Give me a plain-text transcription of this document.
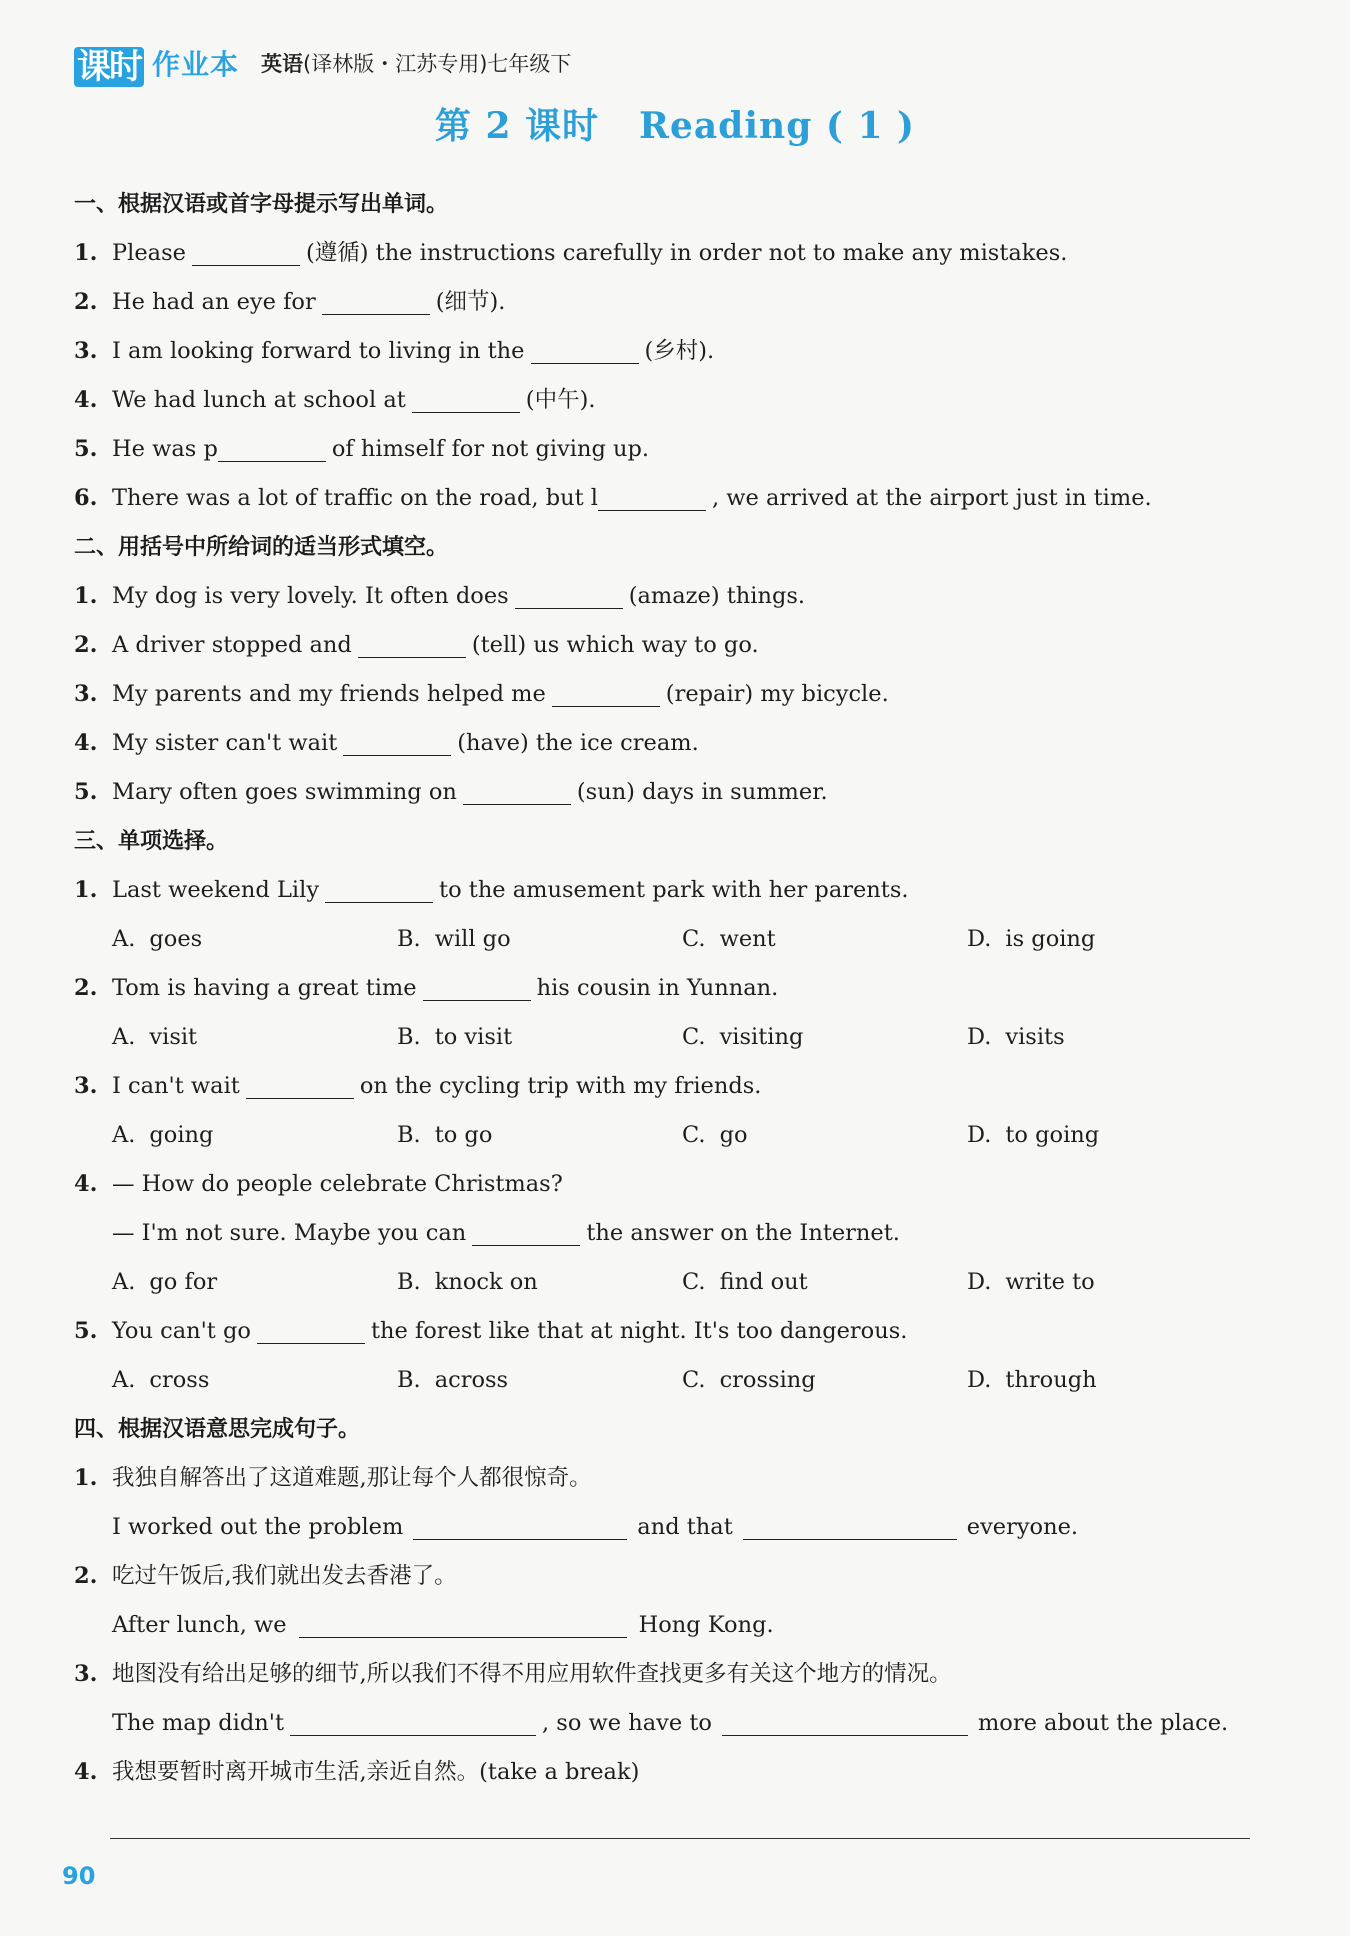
课时 作业本 英语(译林版・江苏专用)七年级下
第 2 课时 Reading ( 1 )
一、根据汉语或首字母提示写出单词。
1. Please	(遵循) the instructions carefully in order not to make any mistakes.
2. He had an eye for	(细节).
3. I am looking forward to living in the	(乡村).
4. We had lunch at school at	(中午).
5. He was p	of himself for not giving up.
6. There was a lot of traffic on the road, but l	, we arrived at the airport just in time.
二、用括号中所给词的适当形式填空。
1. My dog is very lovely. It often does	(amaze) things.
2. A driver stopped and	(tell) us which way to go.
3. My parents and my friends helped me	(repair) my bicycle.
4. My sister can't wait	(have) the ice cream.
5. Mary often goes swimming on	(sun) days in summer.
三、单项选择。
1. Last weekend Lily	to the amusement park with her parents.
A. goes	B. will go	C. went	D. is going
2. Tom is having a great time	his cousin in Yunnan.
A. visit	B. to visit	C. visiting	D. visits
3. I can't wait	on the cycling trip with my friends.
A. going	B. to go	C. go	D. to going
4. — How do people celebrate Christmas?
— I'm not sure. Maybe you can	the answer on the Internet.
A. go for	B. knock on	C. find out	D. write to
5. You can't go	the forest like that at night. It's too dangerous.
A. cross	B. across	C. crossing	D. through
四、根据汉语意思完成句子。
1. 我独自解答出了这道难题,那让每个人都很惊奇。
I worked out the problem	and that	everyone.
2. 吃过午饭后,我们就出发去香港了。
After lunch, we	Hong Kong.
3. 地图没有给出足够的细节,所以我们不得不用应用软件查找更多有关这个地方的情况。
The map didn't	, so we have to	more about the place.
4. 我想要暂时离开城市生活,亲近自然。(take a break)
90
